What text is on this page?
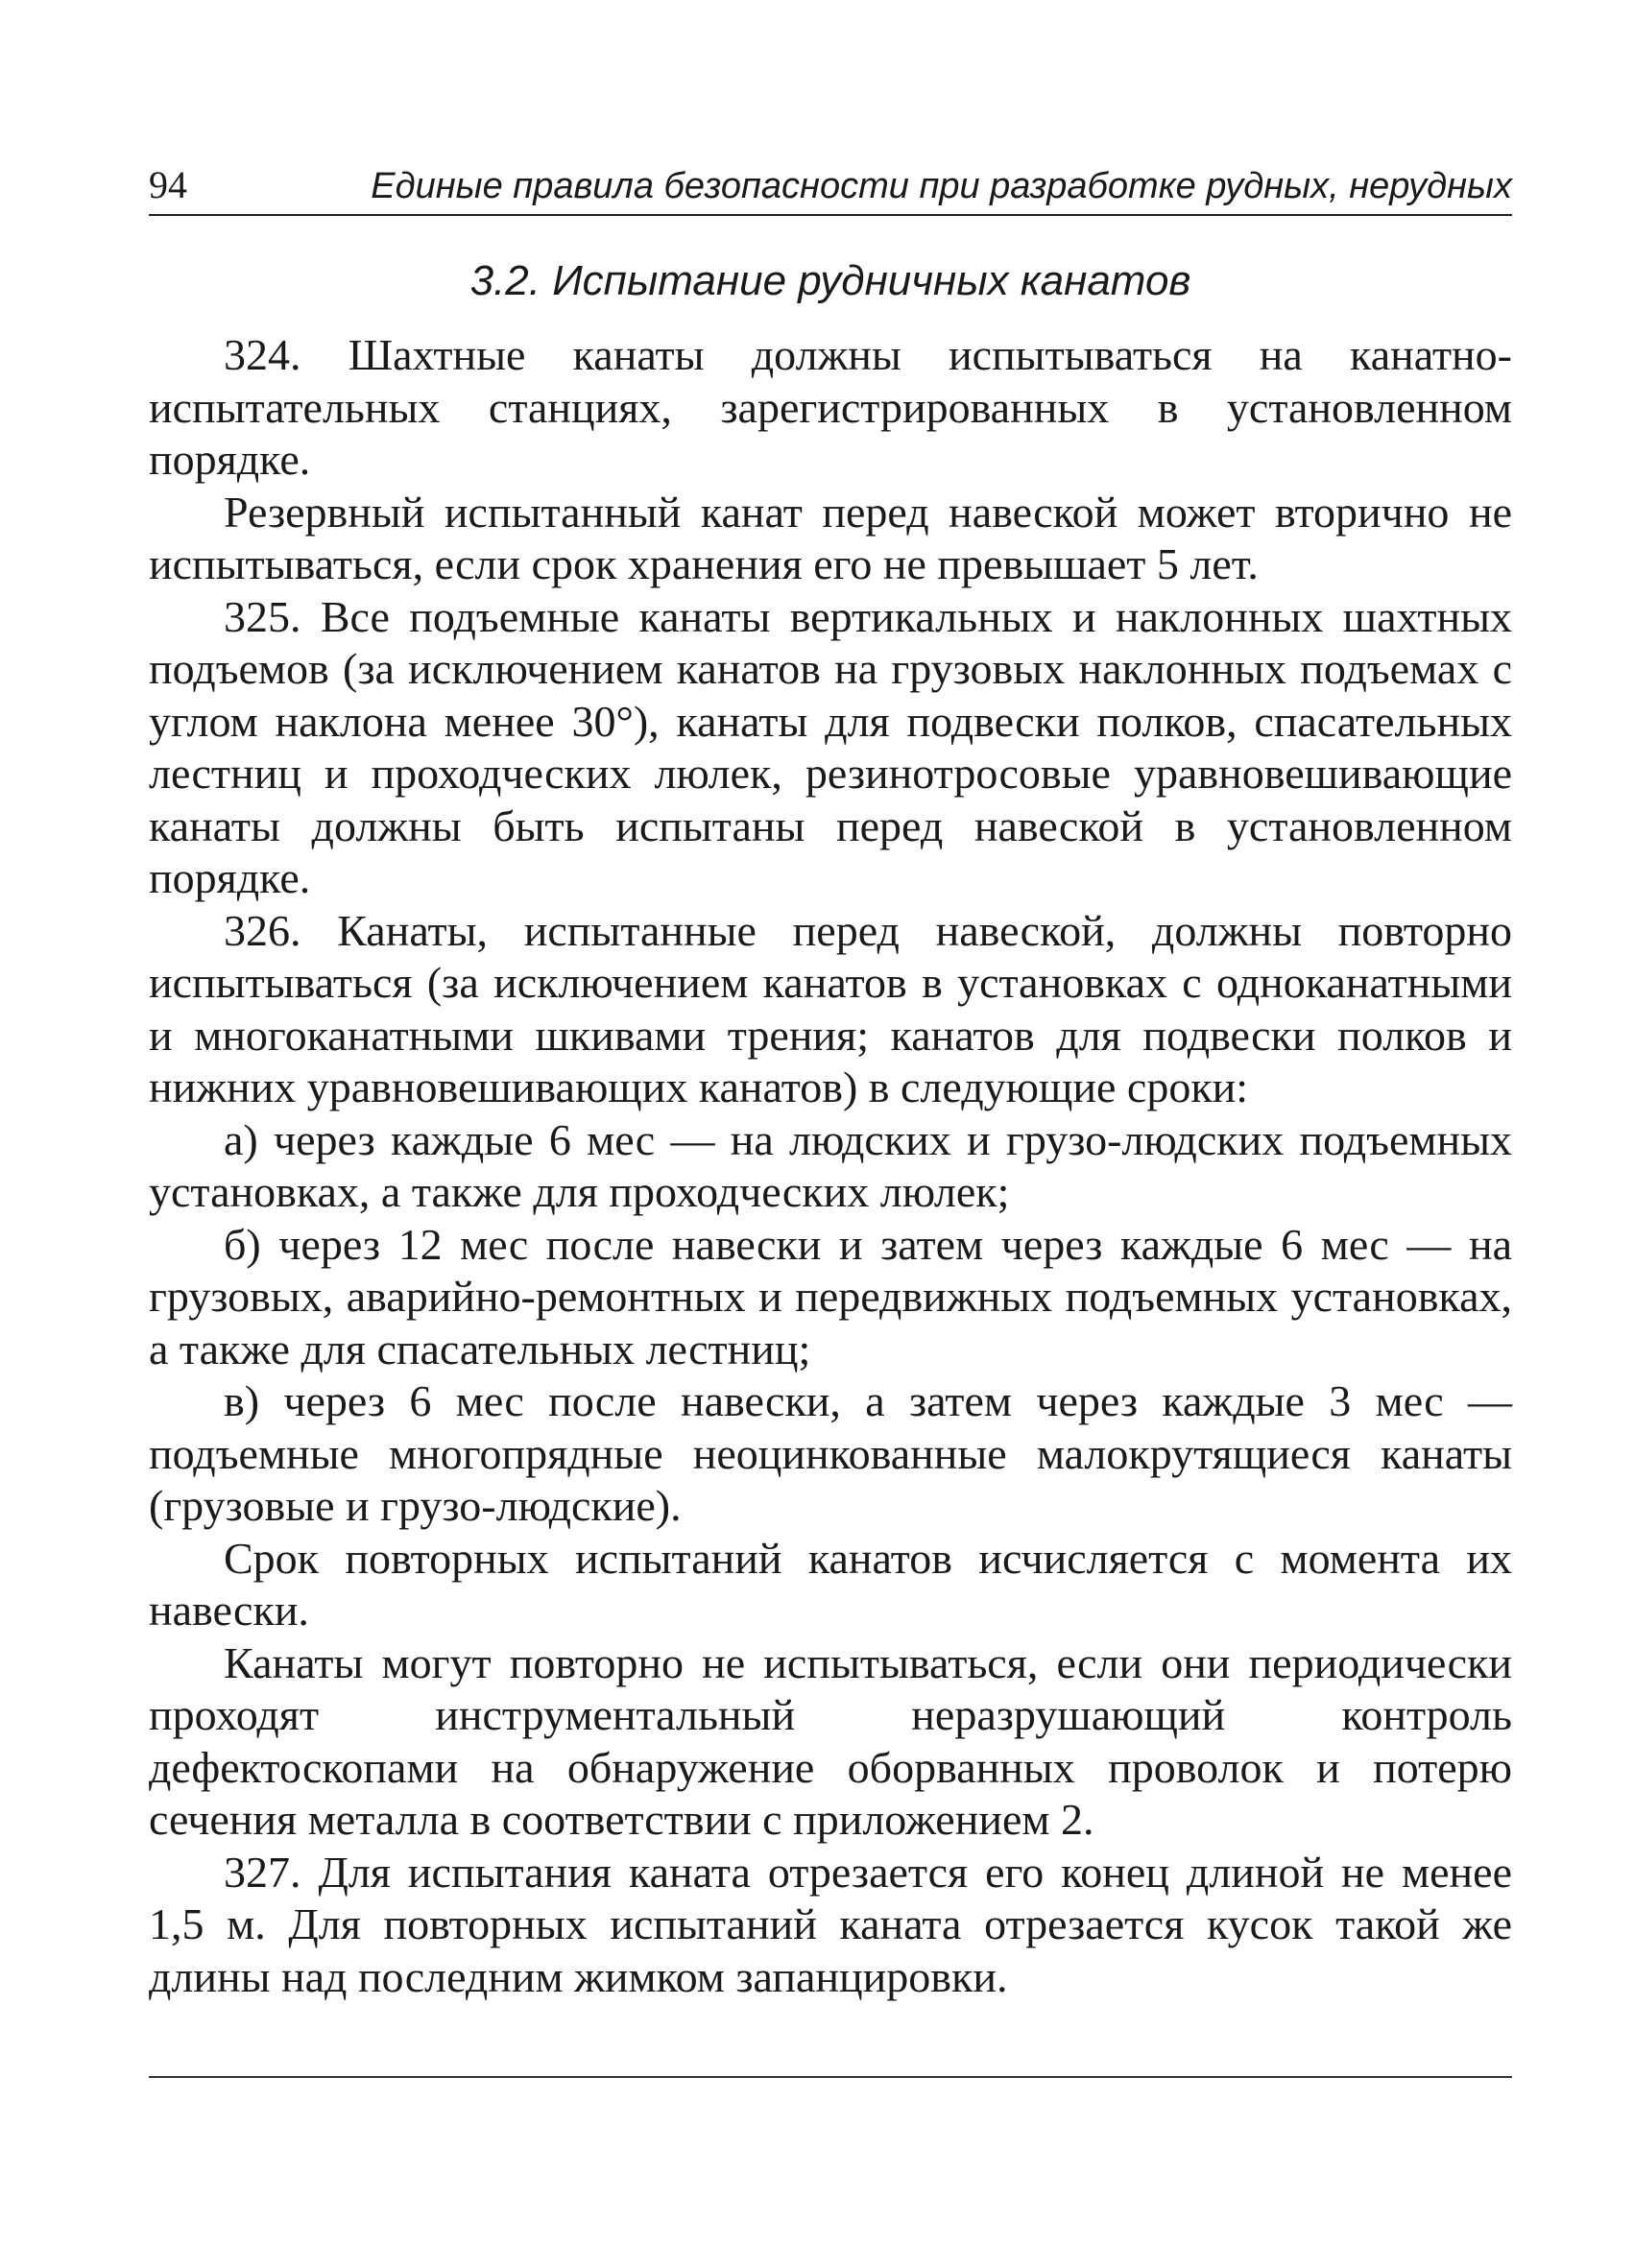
94	Единые правила безопасности при разработке рудных, нерудных
3.2. Испытание рудничных канатов

324. Шахтные канаты должны испытываться на канатно-испытательных станциях, зарегистрированных в установленном порядке.

Резервный испытанный канат перед навеской может вторично не испытываться, если срок хранения его не превышает 5 лет.

325. Все подъемные канаты вертикальных и наклонных шахтных подъемов (за исключением канатов на грузовых наклонных подъемах с углом наклона менее 30°), канаты для подвески полков, спасательных лестниц и проходческих люлек, резинотросовые уравновешивающие канаты должны быть испытаны перед навеской в установленном порядке.

326. Канаты, испытанные перед навеской, должны повторно испытываться (за исключением канатов в установках с одноканатными и многоканатными шкивами трения; канатов для подвески полков и нижних уравновешивающих канатов) в следующие сроки:

а) через каждые 6 мес — на людских и грузо-людских подъемных установках, а также для проходческих люлек;

б) через 12 мес после навески и затем через каждые 6 мес — на грузовых, аварийно-ремонтных и передвижных подъемных установках, а также для спасательных лестниц;

в) через 6 мес после навески, а затем через каждые 3 мес — подъемные многопрядные неоцинкованные малокрутящиеся канаты (грузовые и грузо-людские).

Срок повторных испытаний канатов исчисляется с момента их навески.

Канаты могут повторно не испытываться, если они периодически проходят инструментальный неразрушающий контроль дефектоскопами на обнаружение оборванных проволок и потерю сечения металла в соответствии с приложением 2.

327. Для испытания каната отрезается его конец длиной не менее 1,5 м. Для повторных испытаний каната отрезается кусок такой же длины над последним жимком запанцировки.
